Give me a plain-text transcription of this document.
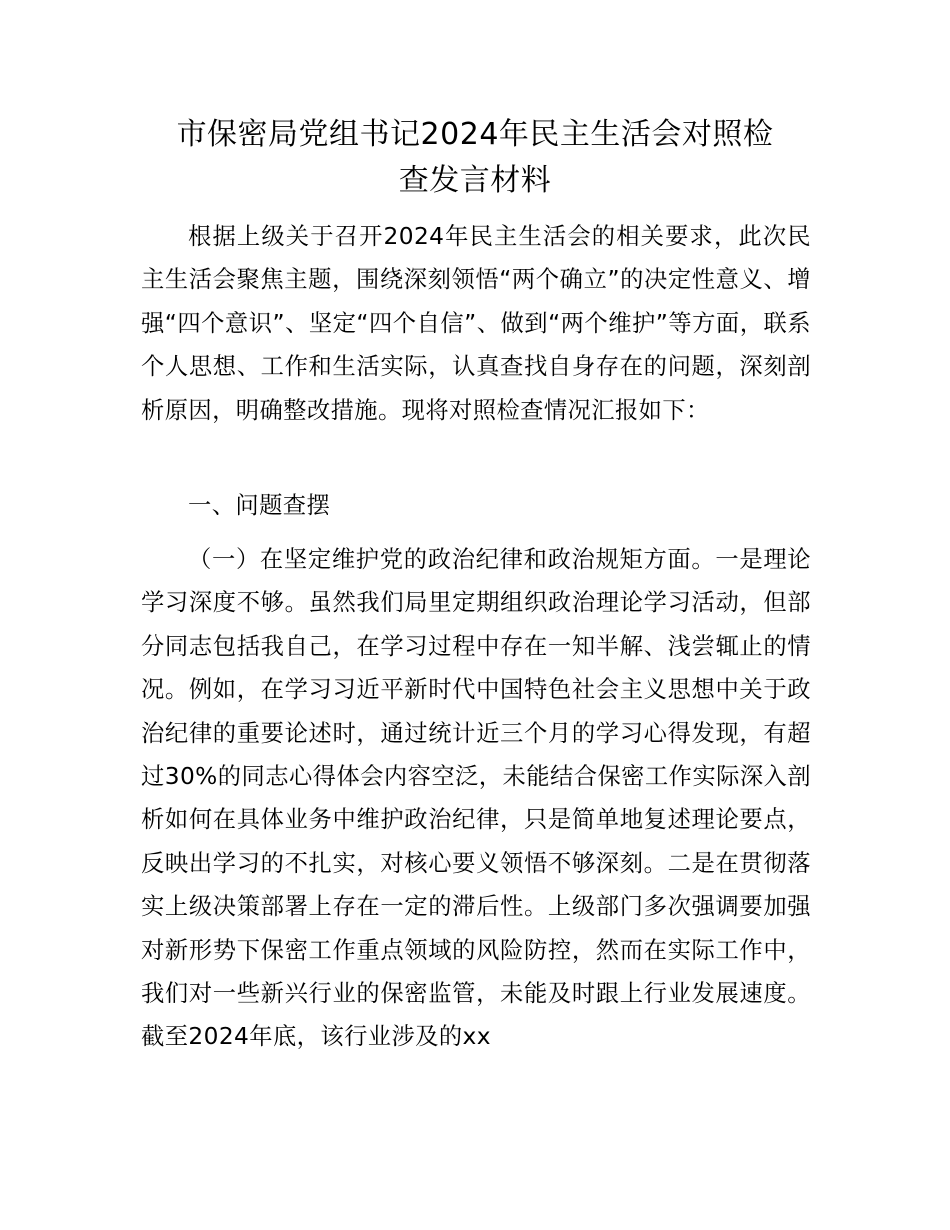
市保密局党组书记2024年民主生活会对照检
查发言材料

根据上级关于召开2024年民主生活会的相关要求，此次民主生活会聚焦主题，围绕深刻领悟“两个确立”的决定性意义、增强“四个意识”、坚定“四个自信”、做到“两个维护”等方面，联系个人思想、工作和生活实际，认真查找自身存在的问题，深刻剖析原因，明确整改措施。现将对照检查情况汇报如下：

一、问题查摆

（一）在坚定维护党的政治纪律和政治规矩方面。一是理论学习深度不够。虽然我们局里定期组织政治理论学习活动，但部分同志包括我自己，在学习过程中存在一知半解、浅尝辄止的情况。例如，在学习习近平新时代中国特色社会主义思想中关于政治纪律的重要论述时，通过统计近三个月的学习心得发现，有超过30%的同志心得体会内容空泛，未能结合保密工作实际深入剖析如何在具体业务中维护政治纪律，只是简单地复述理论要点，反映出学习的不扎实，对核心要义领悟不够深刻。二是在贯彻落实上级决策部署上存在一定的滞后性。上级部门多次强调要加强对新形势下保密工作重点领域的风险防控，然而在实际工作中，我们对一些新兴行业的保密监管，未能及时跟上行业发展速度。截至2024年底，该行业涉及的xx
